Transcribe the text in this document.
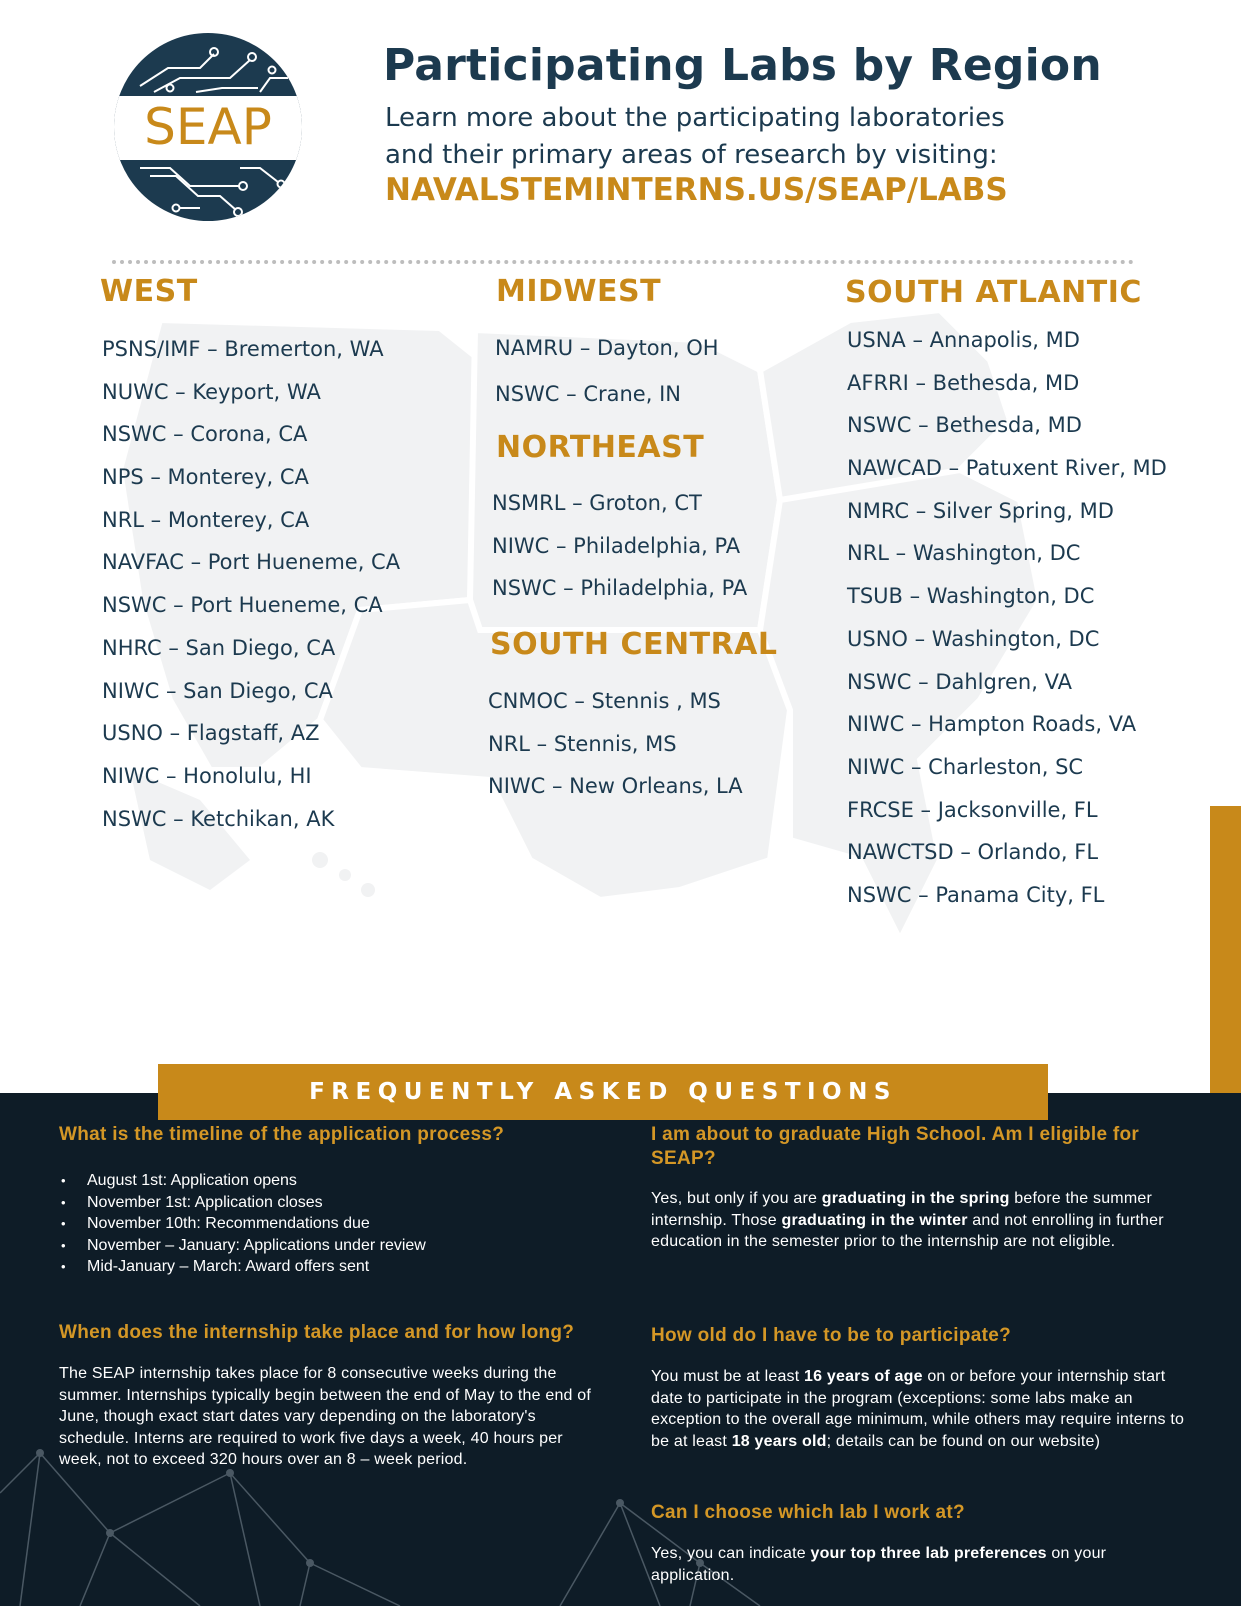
SEAP
Participating Labs by Region
Learn more about the participating laboratories
and their primary areas of research by visiting:
NAVALSTEMINTERNS.US/SEAP/LABS
WEST
PSNS/IMF – Bremerton, WA
NUWC – Keyport, WA
NSWC – Corona, CA
NPS – Monterey, CA
NRL – Monterey, CA
NAVFAC – Port Hueneme, CA
NSWC – Port Hueneme, CA
NHRC – San Diego, CA
NIWC – San Diego, CA
USNO – Flagstaff, AZ
NIWC – Honolulu, HI
NSWC – Ketchikan, AK
MIDWEST
NAMRU – Dayton, OH
NSWC – Crane, IN
NORTHEAST
NSMRL – Groton, CT
NIWC – Philadelphia, PA
NSWC – Philadelphia, PA
SOUTH CENTRAL
CNMOC – Stennis , MS
NRL – Stennis, MS
NIWC – New Orleans, LA
SOUTH ATLANTIC
USNA – Annapolis, MD
AFRRI – Bethesda, MD
NSWC – Bethesda, MD
NAWCAD – Patuxent River, MD
NMRC – Silver Spring, MD
NRL – Washington, DC
TSUB – Washington, DC
USNO – Washington, DC
NSWC – Dahlgren, VA
NIWC – Hampton Roads, VA
NIWC – Charleston, SC
FRCSE – Jacksonville, FL
NAWCTSD – Orlando, FL
NSWC – Panama City, FL
FREQUENTLY ASKED QUESTIONS

What is the timeline of the application process?

• August 1st: Application opens
• November 1st: Application closes
• November 10th: Recommendations due
• November – January: Applications under review
• Mid-January – March: Award offers sent

When does the internship take place and for how long?

The SEAP internship takes place for 8 consecutive weeks during the summer. Internships typically begin between the end of May to the end of June, though exact start dates vary depending on the laboratory's schedule. Interns are required to work five days a week, 40 hours per week, not to exceed 320 hours over an 8 – week period.

I am about to graduate High School. Am I eligible for SEAP?

Yes, but only if you are graduating in the spring before the summer internship. Those graduating in the winter and not enrolling in further education in the semester prior to the internship are not eligible.

How old do I have to be to participate?

You must be at least 16 years of age on or before your internship start date to participate in the program (exceptions: some labs make an exception to the overall age minimum, while others may require interns to be at least 18 years old; details can be found on our website)

Can I choose which lab I work at?

Yes, you can indicate your top three lab preferences on your application.
